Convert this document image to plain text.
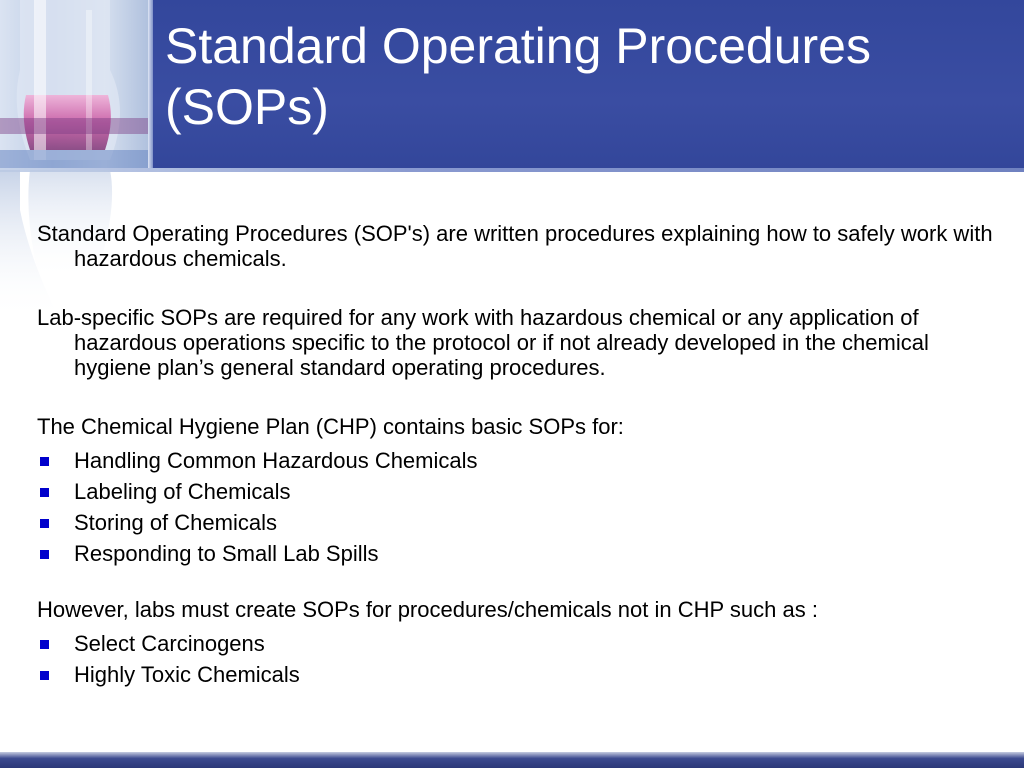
Standard Operating Procedures
(SOPs)

Standard Operating Procedures (SOP's) are written procedures explaining how to safely work with hazardous chemicals.

Lab-specific SOPs are required for any work with hazardous chemical or any application of hazardous operations specific to the protocol or if not already developed in the chemical hygiene plan’s general standard operating procedures.

The Chemical Hygiene Plan (CHP) contains basic SOPs for:

Handling Common Hazardous Chemicals
Labeling of Chemicals
Storing of Chemicals
Responding to Small Lab Spills

However, labs must create SOPs for procedures/chemicals not in CHP such as :

Select Carcinogens
Highly Toxic Chemicals
